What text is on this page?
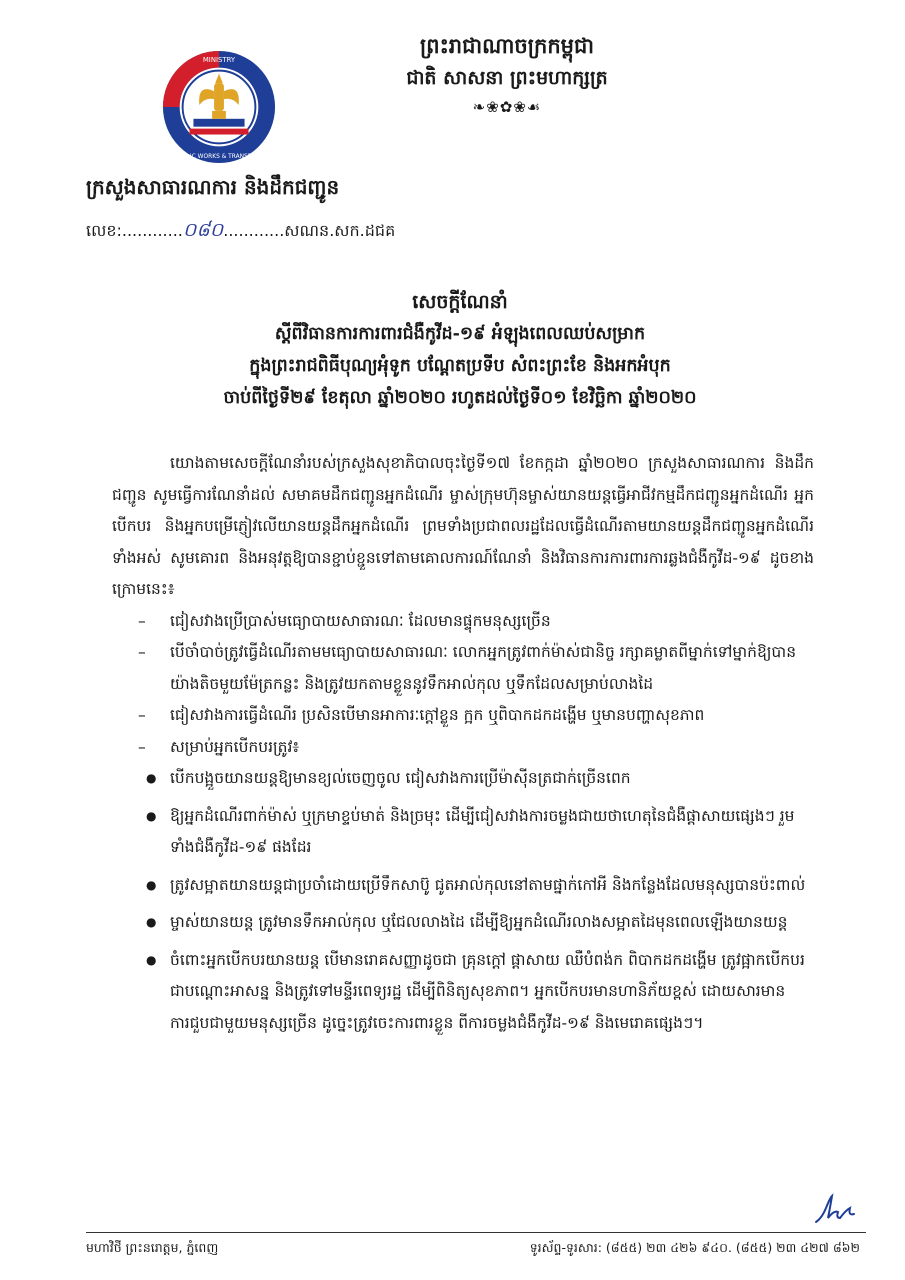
MINISTRY
PUBLIC WORKS & TRANSPORT
ព្រះរាជាណាចក្រកម្ពុជា
ជាតិ សាសនា ព្រះមហាក្សត្រ
❧❀✿❀☙
ក្រសួងសាធារណការ និងដឹកជញ្ជូន
លេខ:............០៨០............សណន.សក.ដជគ
សេចក្តីណែនាំ
ស្តីពីវិធានការការពារជំងឺកូវីដ-១៩ អំឡុងពេលឈប់សម្រាក
ក្នុងព្រះរាជពិធីបុណ្យអុំទូក បណ្តែតប្រទីប សំពះព្រះខែ និងអកអំបុក
ចាប់ពីថ្ងៃទី២៩ ខែតុលា ឆ្នាំ២០២០ រហូតដល់ថ្ងៃទី០១ ខែវិច្ឆិកា ឆ្នាំ២០២០

យោងតាមសេចក្តីណែនាំរបស់ក្រសួងសុខាភិបាលចុះថ្ងៃទី១៧ ខែកក្កដា ឆ្នាំ២០២០ ក្រសួងសាធារណការ និងដឹកជញ្ជូន សូមធ្វើការណែនាំដល់ សមាគមដឹកជញ្ជូនអ្នកដំណើរ ម្ចាស់ក្រុមហ៊ុនម្ចាស់យានយន្តធ្វើអាជីវកម្មដឹកជញ្ជូនអ្នកដំណើរ អ្នកបើកបរ និងអ្នកបម្រើភ្ញៀវលើយានយន្តដឹកអ្នកដំណើរ ព្រមទាំងប្រជាពលរដ្ឋដែលធ្វើដំណើរតាមយានយន្តដឹកជញ្ជូនអ្នកដំណើរទាំងអស់ សូមគោរព និងអនុវត្តឱ្យបានខ្ជាប់ខ្ជួនទៅតាមគោលការណ៍ណែនាំ និងវិធានការការពារការឆ្លងជំងឺកូវីដ-១៩ ដូចខាងក្រោមនេះ៖

– ជៀសវាងប្រើប្រាស់មធ្យោបាយសាធារណៈ ដែលមានផ្ទុកមនុស្សច្រើន
– បើចាំបាច់ត្រូវធ្វើដំណើរតាមមធ្យោបាយសាធារណៈ លោកអ្នកត្រូវពាក់ម៉ាស់ជានិច្ច រក្សាគម្លាតពីម្នាក់ទៅម្នាក់ឱ្យបានយ៉ាងតិចមួយម៉ែត្រកន្លះ និងត្រូវយកតាមខ្លួននូវទឹកអាល់កុល ឬទឹកដែលសម្រាប់លាងដៃ
– ជៀសវាងការធ្វើដំណើរ ប្រសិនបើមានអាការៈក្តៅខ្លួន ក្អក ឬពិបាកដកដង្ហើម ឬមានបញ្ហាសុខភាព
– សម្រាប់អ្នកបើកបរត្រូវ៖
● បើកបង្អួចយានយន្តឱ្យមានខ្យល់ចេញចូល ជៀសវាងការប្រើម៉ាស៊ីនត្រជាក់ច្រើនពេក
● ឱ្យអ្នកដំណើរពាក់ម៉ាស់ ឬក្រមាខ្ទប់មាត់ និងច្រមុះ ដើម្បីជៀសវាងការចម្លងជាយថាហេតុនៃជំងឺផ្តាសាយផ្សេងៗ រួមទាំងជំងឺកូវីដ-១៩ ផងដែរ
● ត្រូវសម្អាតយានយន្តជាប្រចាំដោយប្រើទឹកសាប៊ូ ជូតអាល់កុលនៅតាមផ្នាក់កៅអី និងកន្លែងដែលមនុស្សបានប៉ះពាល់
● ម្ចាស់យានយន្ត ត្រូវមានទឹកអាល់កុល ឬជែលលាងដៃ ដើម្បីឱ្យអ្នកដំណើរលាងសម្អាតដៃមុនពេលឡើងយានយន្ត
● ចំពោះអ្នកបើកបរយានយន្ត បើមានរោគសញ្ញាដូចជា គ្រុនក្តៅ ផ្តាសាយ ឈឺបំពង់ក ពិបាកដកដង្ហើម ត្រូវផ្អាកបើកបរជាបណ្តោះអាសន្ន និងត្រូវទៅមន្ទីរពេទ្យរដ្ឋ ដើម្បីពិនិត្យសុខភាព។ អ្នកបើកបរមានហានិភ័យខ្ពស់ ដោយសារមានការជួបជាមួយមនុស្សច្រើន ដូច្នេះត្រូវចេះការពារខ្លួន ពីការចម្លងជំងឺកូវីដ-១៩ និងមេរោគផ្សេងៗ។
មហាវិថី ព្រះនរោត្តម, ភ្នំពេញ	ទូរស័ព្ទ-ទូរសារ: (៨៥៥) ២៣ ៤២៦ ៩៤០. (៨៥៥) ២៣ ៤២៧ ៨៦២
